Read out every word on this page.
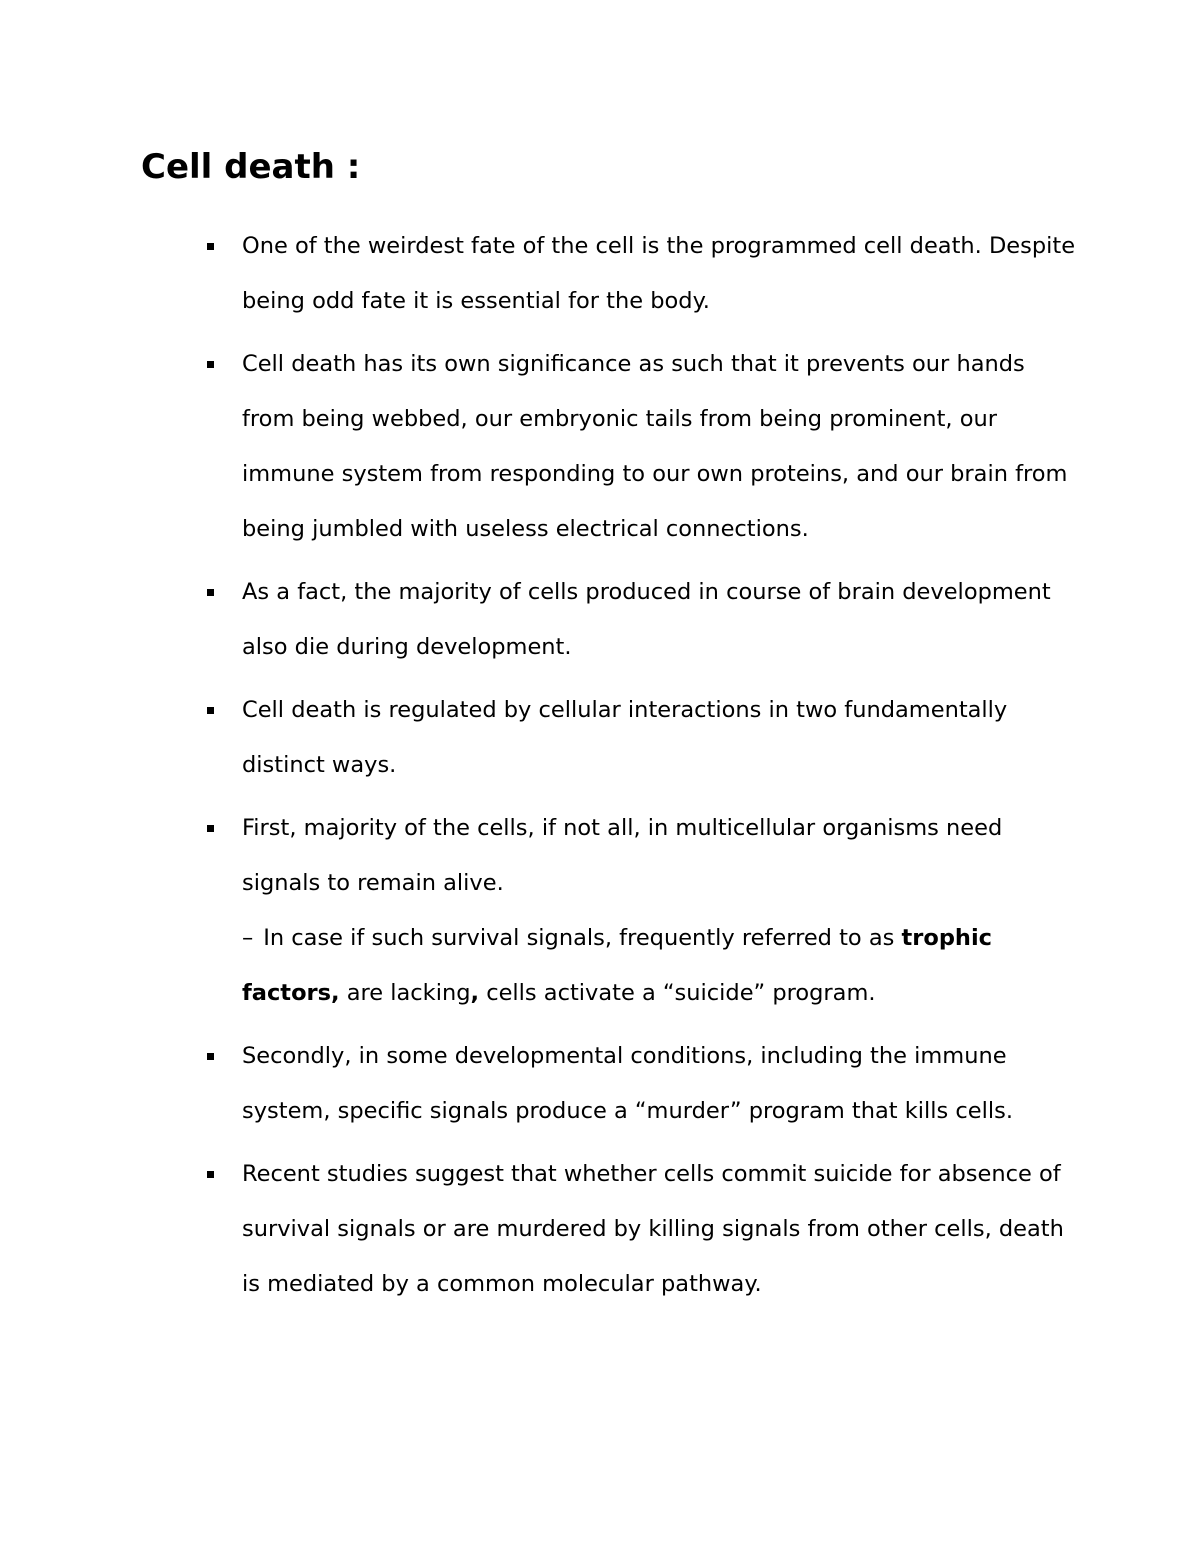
Cell death :
One of the weirdest fate of the cell is the programmed cell death. Despite being odd fate it is essential for the body.
Cell death has its own significance as such that it prevents our hands from being webbed, our embryonic tails from being prominent, our immune system from responding to our own proteins, and our brain from being jumbled with useless electrical connections.
As a fact, the majority of cells produced in course of brain development also die during development.
Cell death is regulated by cellular interactions in two fundamentally distinct ways.
First, majority of the cells, if not all, in multicellular organisms need signals to remain alive.
– In case if such survival signals, frequently referred to as trophic factors, are lacking, cells activate a “suicide” program.
Secondly, in some developmental conditions, including the immune system, specific signals produce a “murder” program that kills cells.
Recent studies suggest that whether cells commit suicide for absence of survival signals or are murdered by killing signals from other cells, death is mediated by a common molecular pathway.
